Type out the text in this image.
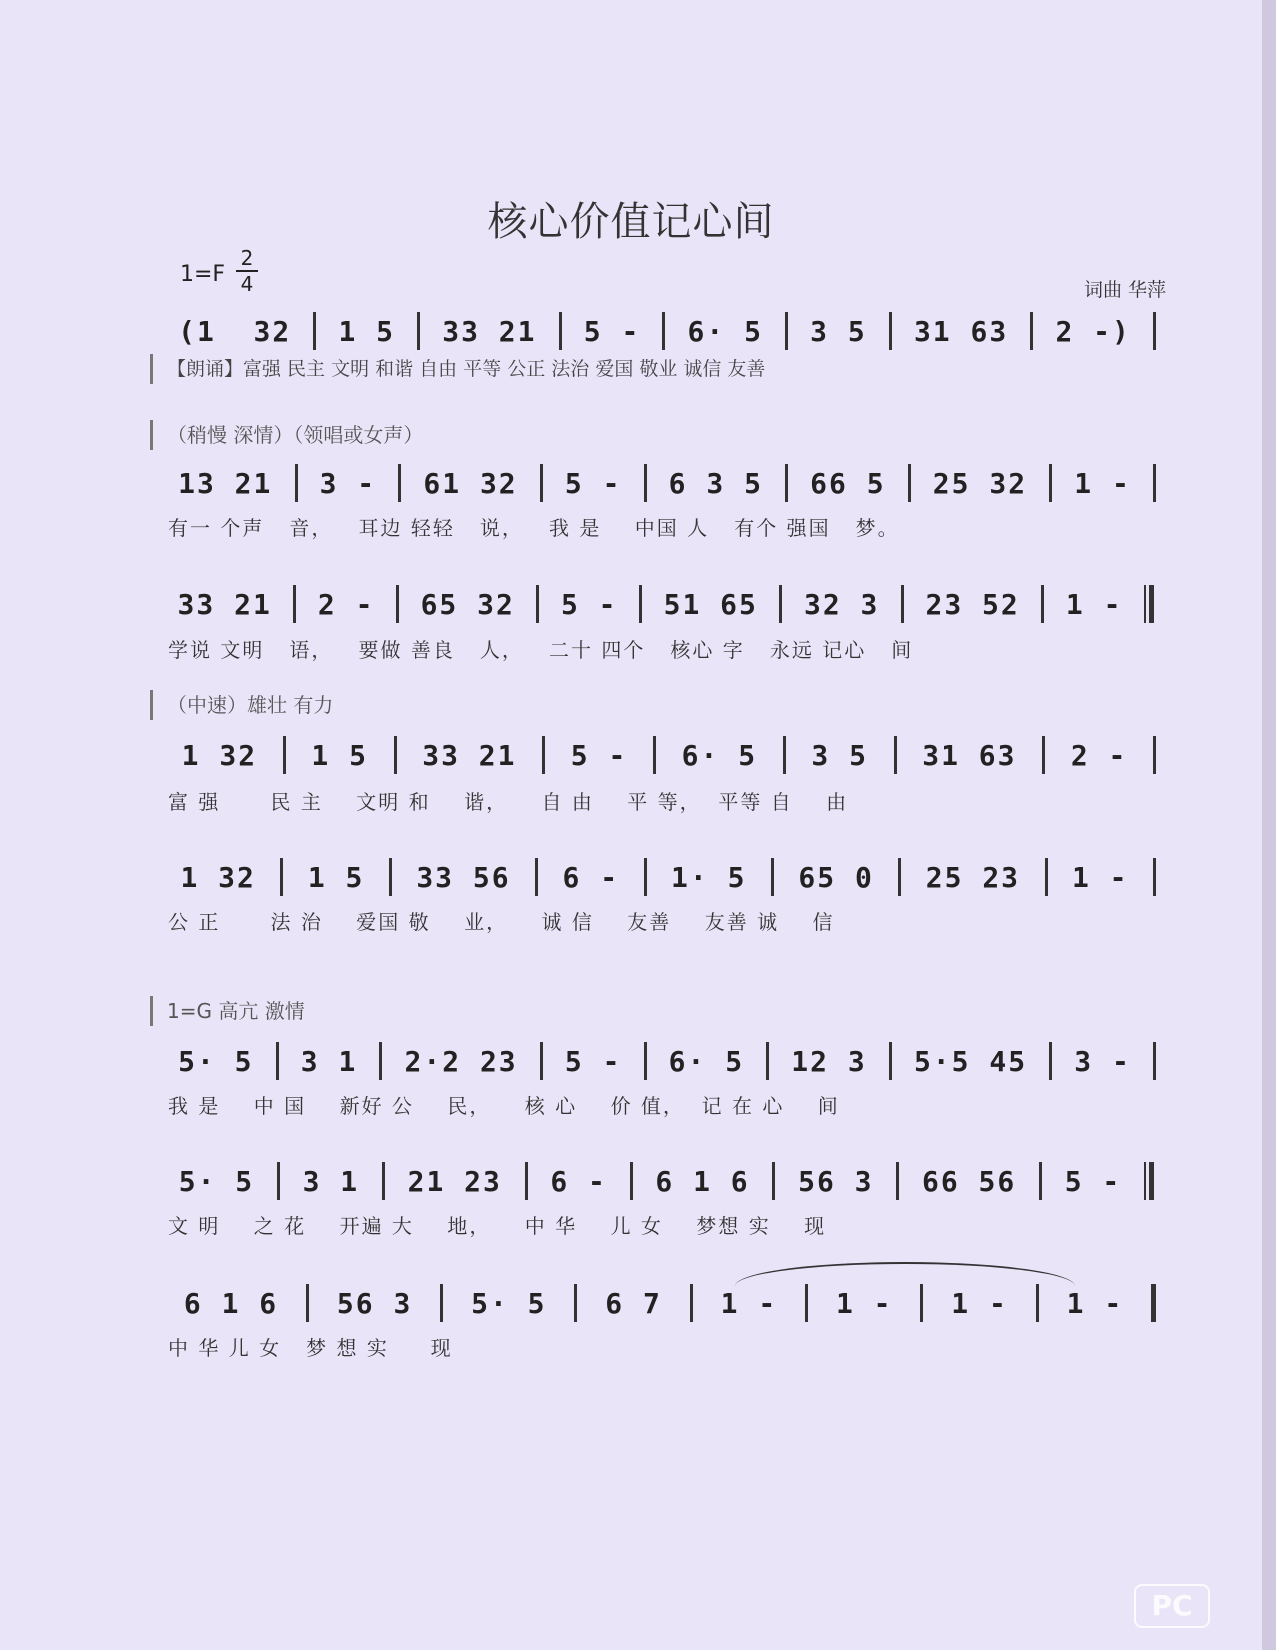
核心价值记心间
1=F
2
4	词曲 华萍
(1  32	1 5	33 21	5 -	6· 5	3 5	31 63	2 -)
【朗诵】富强 民主 文明 和谐 自由 平等 公正 法治 爱国 敬业 诚信 友善
（稍慢 深情）（领唱或女声）
13 21	3 -	61 32	5 -	6 3 5	66 5	25 32	1 -
有一 个声   音，   耳边 轻轻   说，   我 是    中国 人   有个 强国   梦。
33 21	2 -	65 32	5 -	51 65	32 3	23 52	1 -
学说 文明   语，   要做 善良   人，   二十 四个   核心 字   永远 记心   间
（中速）雄壮 有力
1 32	1 5	33 21	5 -	6· 5	3 5	31 63	2 -
富 强      民 主    文明 和    谐，    自 由    平 等，  平等 自    由
1 32	1 5	33 56	6 -	1· 5	65 0	25 23	1 -
公 正      法 治    爱国 敬    业，    诚 信    友善    友善 诚    信
1=G 高亢 激情
5· 5	3 1	2·2 23	5 -	6· 5	12 3	5·5 45	3 -
我 是    中 国    新好 公    民，    核 心    价 值，  记 在 心    间
5· 5	3 1	21 23	6 -	6 1 6	56 3	66 56	5 -
文 明    之 花    开遍 大    地，    中 华    儿 女    梦想 实    现
6 1 6	56 3	5· 5	6 7	1 -	1 -	1 -	1 -
中 华 儿 女   梦 想 实     现
PC
